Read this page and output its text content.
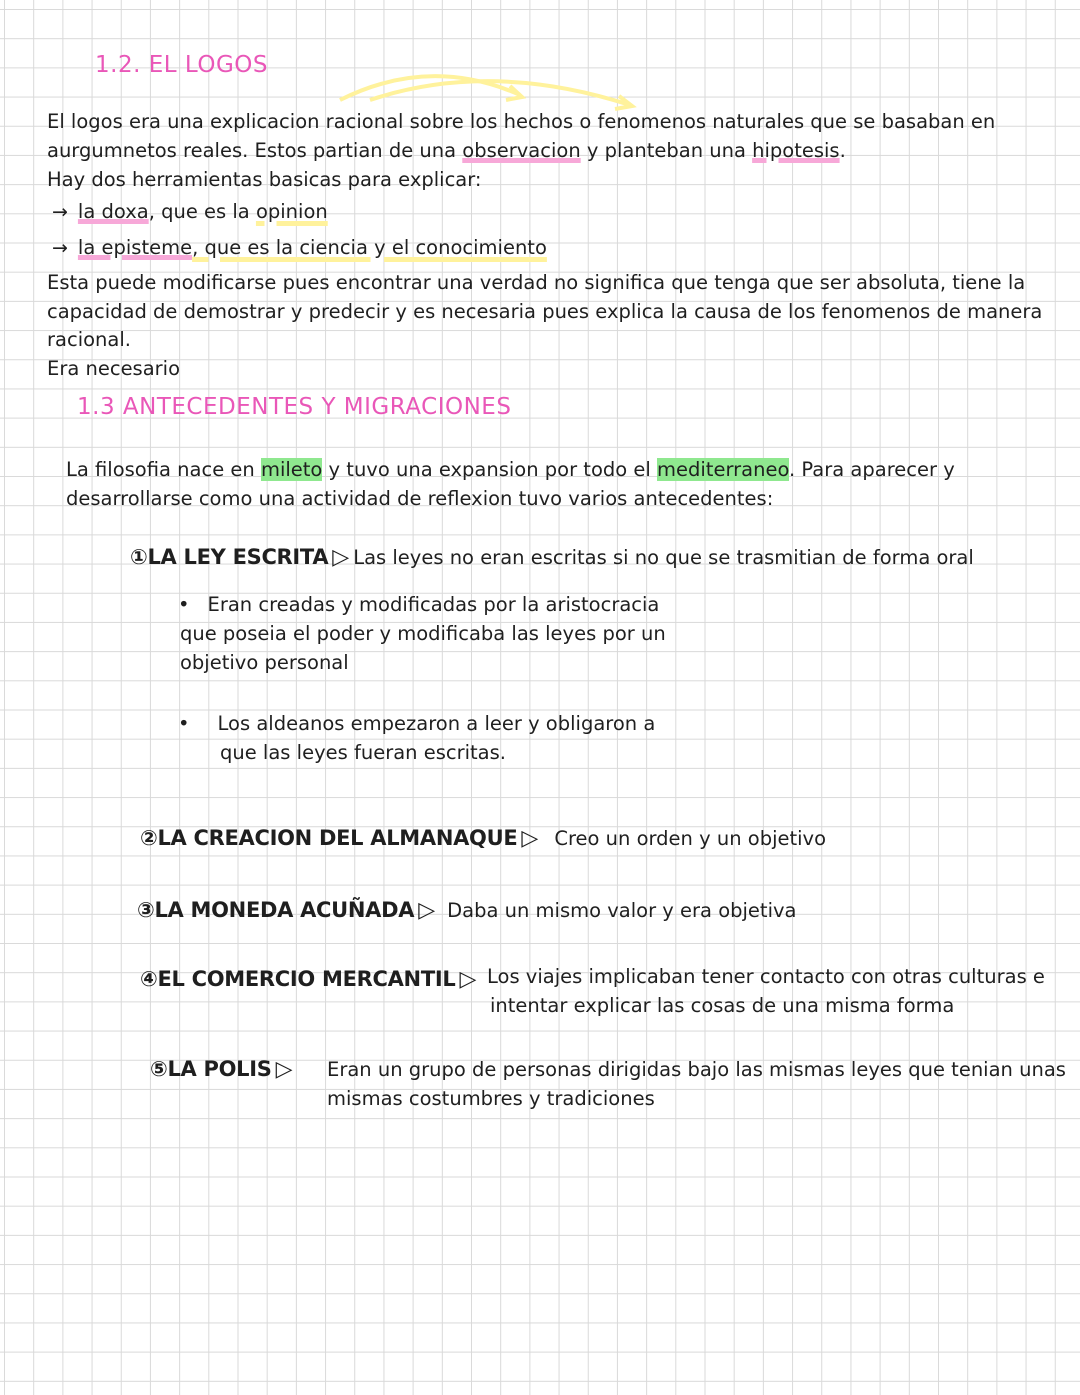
1.2. EL LOGOS
El logos era una explicacion racional sobre los hechos o fenomenos naturales que se basaban en
aurgumnetos reales. Estos partian de una observacion y planteban una hipotesis.
Hay dos herramientas basicas para explicar:
→ la doxa, que es la opinion
→ la episteme, que es la ciencia y el conocimiento
Esta puede modificarse pues encontrar una verdad no significa que tenga que ser absoluta, tiene la
capacidad de demostrar y predecir y es necesaria pues explica la causa de los fenomenos de manera
racional.
Era necesario
1.3 ANTECEDENTES Y MIGRACIONES
La filosofia nace en mileto y tuvo una expansion por todo el mediterraneo. Para aparecer y
desarrollarse como una actividad de reflexion tuvo varios antecedentes:
①LA LEY ESCRITA ▷ Las leyes no eran escritas si no que se trasmitian de forma oral
• Eran creadas y modificadas por la aristocracia
que poseia el poder y modificaba las leyes por un
objetivo personal
• Los aldeanos empezaron a leer y obligaron a
que las leyes fueran escritas.
②LA CREACION DEL ALMANAQUE ▷ Creo un orden y un objetivo
③LA MONEDA ACUÑADA ▷ Daba un mismo valor y era objetiva
④EL COMERCIO MERCANTIL ▷ Los viajes implicaban tener contacto con otras culturas e
intentar explicar las cosas de una misma forma
⑤LA POLIS ▷ Eran un grupo de personas dirigidas bajo las mismas leyes que tenian unas
mismas costumbres y tradiciones
